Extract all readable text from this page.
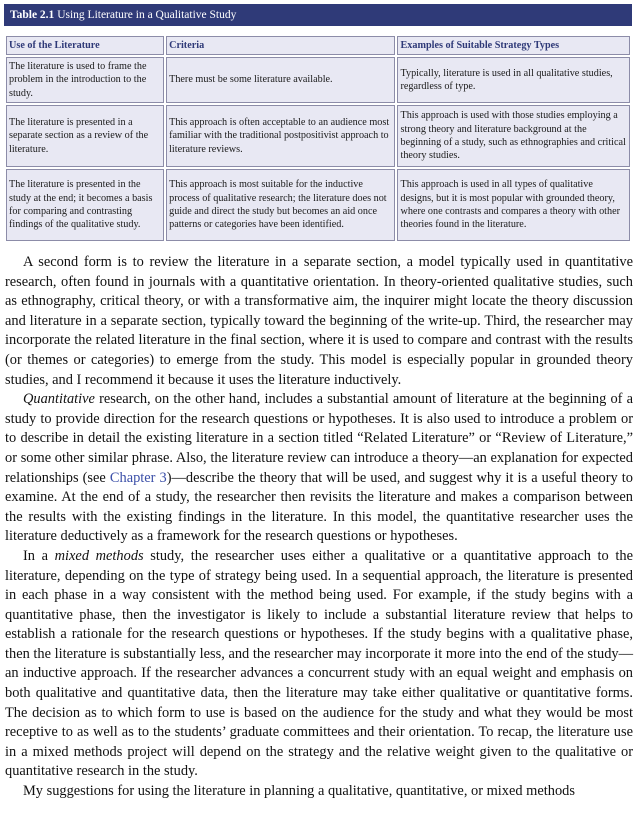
Table 2.1 Using Literature in a Qualitative Study
Use of the Literature	Criteria	Examples of Suitable Strategy Types
The literature is used to frame the problem in the introduction to the study.	There must be some literature available.	Typically, literature is used in all qualitative studies, regardless of type.
The literature is presented in a separate section as a review of the literature.	This approach is often acceptable to an audience most familiar with the traditional postpositivist approach to literature reviews.	This approach is used with those studies employing a strong theory and literature background at the beginning of a study, such as ethnographies and critical theory studies.
The literature is presented in the study at the end; it becomes a basis for comparing and contrasting findings of the qualitative study.	This approach is most suitable for the inductive process of qualitative research; the literature does not guide and direct the study but becomes an aid once patterns or categories have been identified.	This approach is used in all types of qualitative designs, but it is most popular with grounded theory, where one contrasts and compares a theory with other theories found in the literature.

A second form is to review the literature in a separate section, a model typically used in quantitative research, often found in journals with a quantitative orientation. In theory-oriented qualitative studies, such as ethnography, critical theory, or with a transformative aim, the inquirer might locate the theory discussion and literature in a separate section, typically toward the beginning of the write-up. Third, the researcher may incorporate the related literature in the final section, where it is used to compare and contrast with the results (or themes or categories) to emerge from the study. This model is especially popular in grounded theory studies, and I recommend it because it uses the literature inductively.

Quantitative research, on the other hand, includes a substantial amount of literature at the beginning of a study to provide direction for the research questions or hypotheses. It is also used to introduce a problem or to describe in detail the existing literature in a section titled “Related Literature” or “Review of Literature,” or some other similar phrase. Also, the literature review can introduce a theory—an explanation for expected relationships (see Chapter 3)—describe the theory that will be used, and suggest why it is a useful theory to examine. At the end of a study, the researcher then revisits the literature and makes a comparison between the results with the existing findings in the literature. In this model, the quantitative researcher uses the literature deductively as a framework for the research questions or hypotheses.

In a mixed methods study, the researcher uses either a qualitative or a quantitative approach to the literature, depending on the type of strategy being used. In a sequential approach, the literature is presented in each phase in a way consistent with the method being used. For example, if the study begins with a quantitative phase, then the investigator is likely to include a substantial literature review that helps to establish a rationale for the research questions or hypotheses. If the study begins with a qualitative phase, then the literature is substantially less, and the researcher may incorporate it more into the end of the study—an inductive approach. If the researcher advances a concurrent study with an equal weight and emphasis on both qualitative and quantitative data, then the literature may take either qualitative or quantitative forms. The decision as to which form to use is based on the audience for the study and what they would be most receptive to as well as to the students’ graduate committees and their orientation. To recap, the literature use in a mixed methods project will depend on the strategy and the relative weight given to the qualitative or quantitative research in the study.

My suggestions for using the literature in planning a qualitative, quantitative, or mixed methods
